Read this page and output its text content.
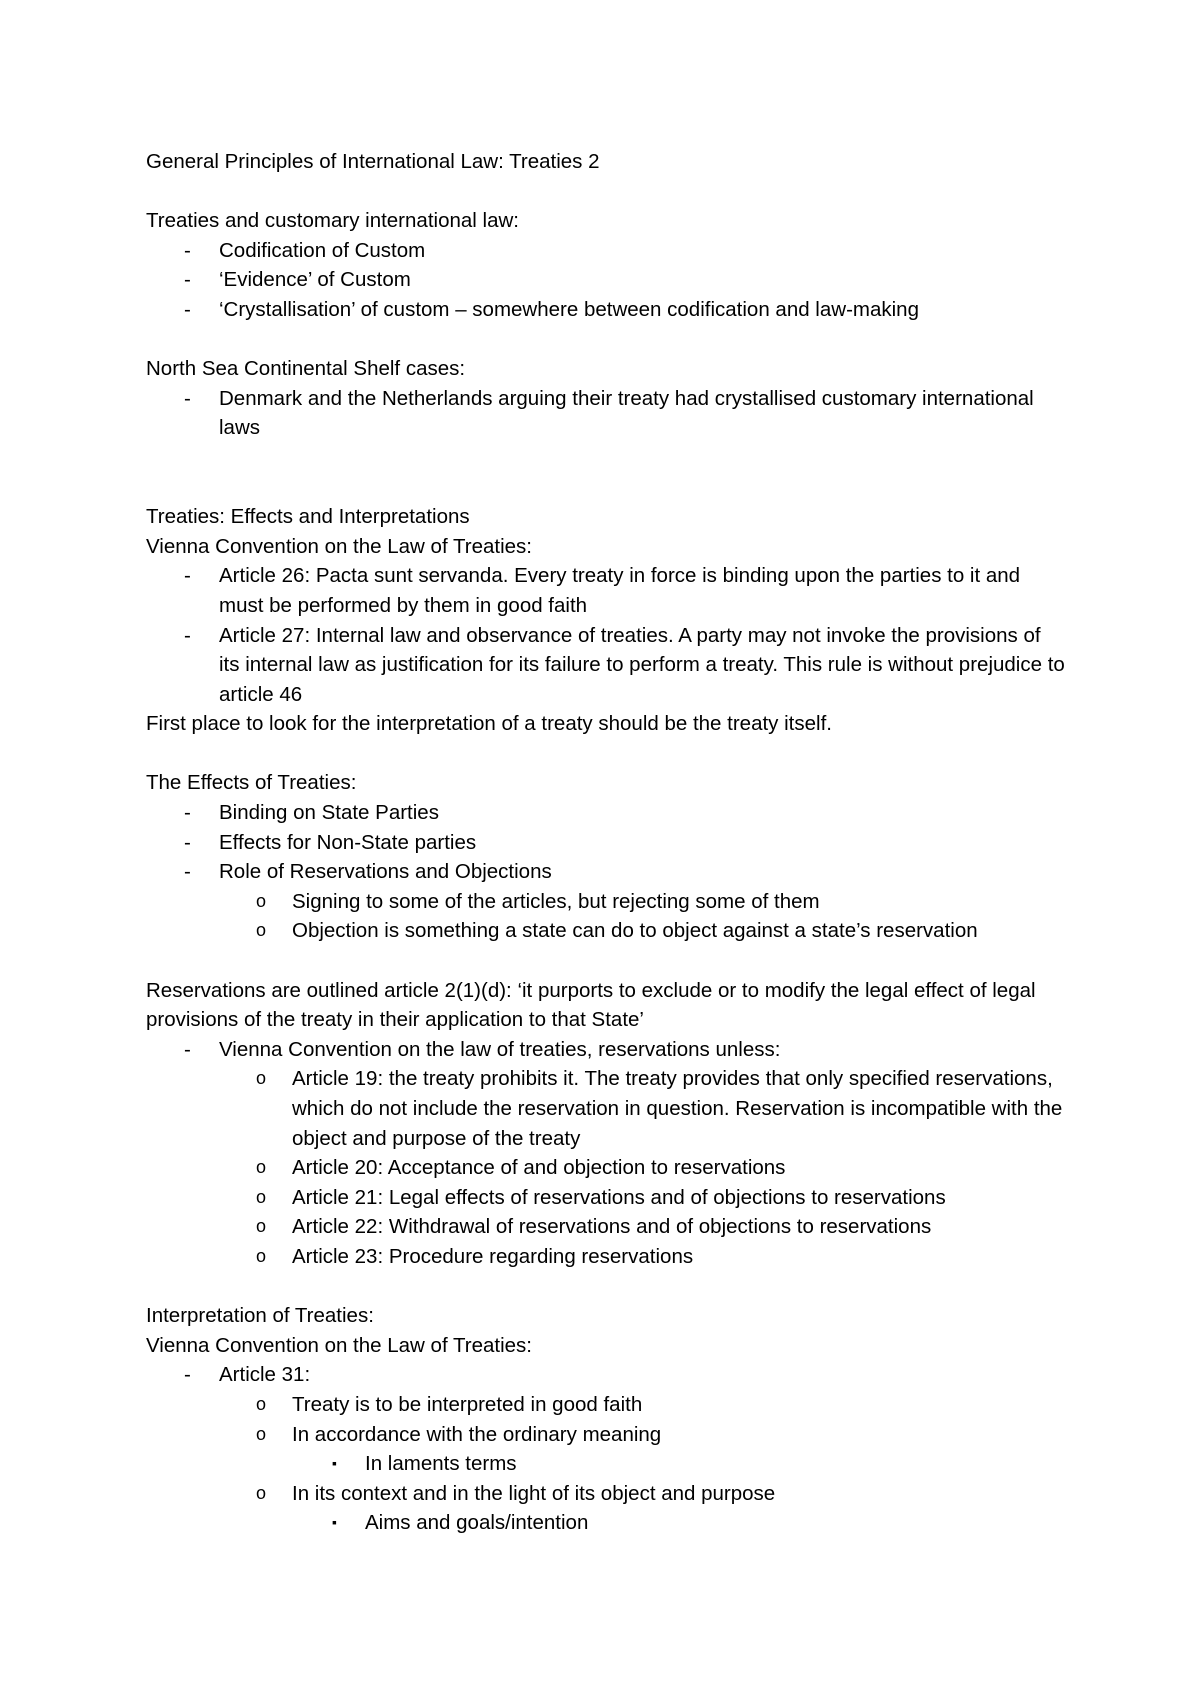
General Principles of International Law: Treaties 2

Treaties and customary international law:

- Codification of Custom

- ‘Evidence’ of Custom

- ‘Crystallisation’ of custom – somewhere between codification and law-making

North Sea Continental Shelf cases:

- Denmark and the Netherlands arguing their treaty had crystallised customary international laws

Treaties: Effects and Interpretations

Vienna Convention on the Law of Treaties:

- Article 26: Pacta sunt servanda. Every treaty in force is binding upon the parties to it and must be performed by them in good faith

- Article 27: Internal law and observance of treaties. A party may not invoke the provisions of its internal law as justification for its failure to perform a treaty. This rule is without prejudice to article 46

First place to look for the interpretation of a treaty should be the treaty itself.

The Effects of Treaties:

- Binding on State Parties

- Effects for Non-State parties

- Role of Reservations and Objections

o Signing to some of the articles, but rejecting some of them

o Objection is something a state can do to object against a state’s reservation

Reservations are outlined article 2(1)(d): ‘it purports to exclude or to modify the legal effect of legal provisions of the treaty in their application to that State’

- Vienna Convention on the law of treaties, reservations unless:

o Article 19: the treaty prohibits it. The treaty provides that only specified reservations, which do not include the reservation in question. Reservation is incompatible with the object and purpose of the treaty

o Article 20: Acceptance of and objection to reservations

o Article 21: Legal effects of reservations and of objections to reservations

o Article 22: Withdrawal of reservations and of objections to reservations

o Article 23: Procedure regarding reservations

Interpretation of Treaties:

Vienna Convention on the Law of Treaties:

- Article 31:

o Treaty is to be interpreted in good faith

o In accordance with the ordinary meaning

▪ In laments terms

o In its context and in the light of its object and purpose

▪ Aims and goals/intention
